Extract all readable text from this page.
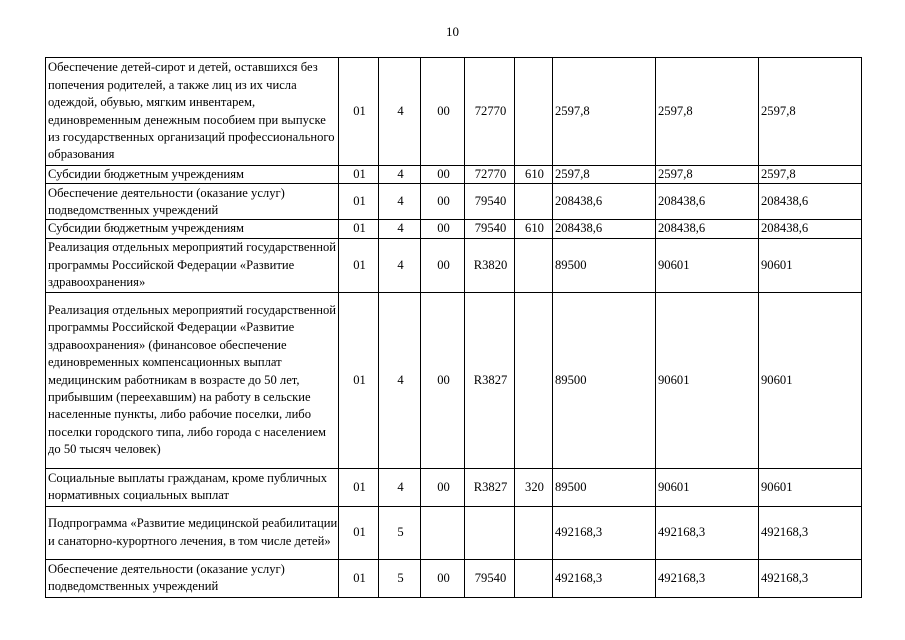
10
Обеспечение детей-сирот и детей, оставшихся без попечения родителей, а также лиц из их числа одеждой, обувью, мягким инвентарем, единовременным денежным пособием при выпуске из государственных организаций профессионального образования	01	4	00	72770		2597,8	2597,8	2597,8
Субсидии бюджетным учреждениям	01	4	00	72770	610	2597,8	2597,8	2597,8
Обеспечение деятельности (оказание услуг) подведомственных учреждений	01	4	00	79540		208438,6	208438,6	208438,6
Субсидии бюджетным учреждениям	01	4	00	79540	610	208438,6	208438,6	208438,6
Реализация отдельных мероприятий государственной программы Российской Федерации «Развитие здравоохранения»	01	4	00	R3820		89500	90601	90601
Реализация отдельных мероприятий государственной программы Российской Федерации «Развитие здравоохранения» (финансовое обеспечение единовременных компенсационных выплат медицинским работникам в возрасте до 50 лет, прибывшим (переехавшим) на работу в сельские населенные пункты, либо рабочие поселки, либо поселки городского типа, либо города с населением до 50 тысяч человек)	01	4	00	R3827		89500	90601	90601
Социальные выплаты гражданам, кроме публичных нормативных социальных выплат	01	4	00	R3827	320	89500	90601	90601
Подпрограмма «Развитие медицинской реабилитации и санаторно-курортного лечения, в том числе детей»	01	5				492168,3	492168,3	492168,3
Обеспечение деятельности (оказание услуг) подведомственных учреждений	01	5	00	79540		492168,3	492168,3	492168,3
